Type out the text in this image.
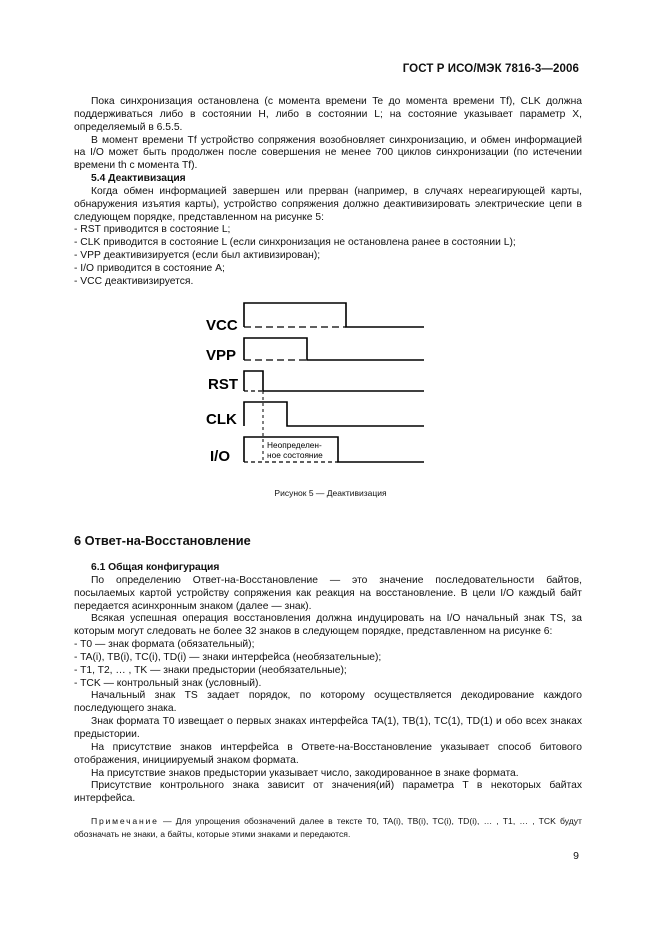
ГОСТ Р ИСО/МЭК 7816-3—2006

Пока синхронизация остановлена (с момента времени Te до момента времени Tf), CLK должна поддерживаться либо в состоянии H, либо в состоянии L; на состояние указывает параметр X, определяемый в 6.5.5.

В момент времени Tf устройство сопряжения возобновляет синхронизацию, и обмен информацией на I/O может быть продолжен после совершения не менее 700 циклов синхронизации (по истечении времени th с момента Tf).

5.4 Деактивизация

Когда обмен информацией завершен или прерван (например, в случаях нереагирующей карты, обнаружения изъятия карты), устройство сопряжения должно деактивизировать электрические цепи в следующем порядке, представленном на рисунке 5:

- RST приводится в состояние L;
- CLK приводится в состояние L (если синхронизация не остановлена ранее в состоянии L);
- VPP деактивизируется (если был активизирован);
- I/O приводится в состояние A;
- VCC деактивизируется.
VCC
VPP
RST
CLK
I/O
Неопределен-
ное состояние
Рисунок 5 — Деактивизация
6 Ответ-на-Восстановление
6.1 Общая конфигурация

По определению Ответ-на-Восстановление — это значение последовательности байтов, посылаемых картой устройству сопряжения как реакция на восстановление. В цели I/O каждый байт передается асинхронным знаком (далее — знак).

Всякая успешная операция восстановления должна индуцировать на I/O начальный знак TS, за которым могут следовать не более 32 знаков в следующем порядке, представленном на рисунке 6:

- T0 — знак формата (обязательный);
- TA(i), TB(i), TC(i), TD(i) — знаки интерфейса (необязательные);
- T1, T2, … , TK — знаки предыстории (необязательные);
- TCK — контрольный знак (условный).

Начальный знак TS задает порядок, по которому осуществляется декодирование каждого последующего знака.

Знак формата T0 извещает о первых знаках интерфейса TA(1), TB(1), TC(1), TD(1) и обо всех знаках предыстории.

На присутствие знаков интерфейса в Ответе-на-Восстановление указывает способ битового отображения, инициируемый знаком формата.

На присутствие знаков предыстории указывает число, закодированное в знаке формата.

Присутствие контрольного знака зависит от значения(ий) параметра T в некоторых байтах интерфейса.

Примечание — Для упрощения обозначений далее в тексте T0, TA(i), TB(i), TC(i), TD(i), … , T1, … , TCK будут обозначать не знаки, а байты, которые этими знаками и передаются.
9
